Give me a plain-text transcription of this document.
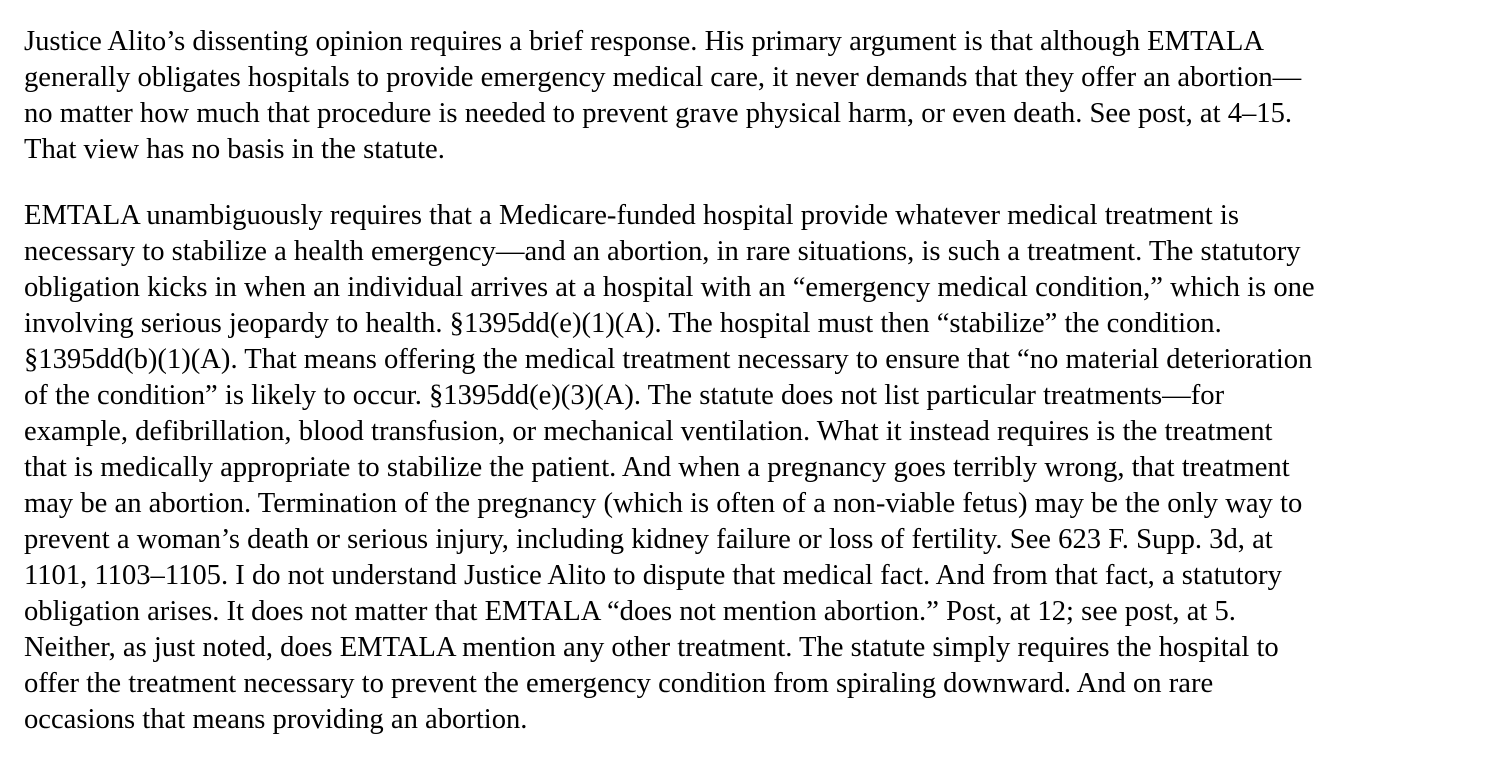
Justice Alito’s dissenting opinion requires a brief response. His primary argument is that although EMTALA
generally obligates hospitals to provide emergency medical care, it never demands that they offer an abortion—
no matter how much that procedure is needed to prevent grave physical harm, or even death. See post, at 4–15.
That view has no basis in the statute.

EMTALA unambiguously requires that a Medicare-funded hospital provide whatever medical treatment is
necessary to stabilize a health emergency—and an abortion, in rare situations, is such a treatment. The statutory
obligation kicks in when an individual arrives at a hospital with an “emergency medical condition,” which is one
involving serious jeopardy to health. §1395dd(e)(1)(A). The hospital must then “stabilize” the condition.
§1395dd(b)(1)(A). That means offering the medical treatment necessary to ensure that “no material deterioration
of the condition” is likely to occur. §1395dd(e)(3)(A). The statute does not list particular treatments—for
example, defibrillation, blood transfusion, or mechanical ventilation. What it instead requires is the treatment
that is medically appropriate to stabilize the patient. And when a pregnancy goes terribly wrong, that treatment
may be an abortion. Termination of the pregnancy (which is often of a non-viable fetus) may be the only way to
prevent a woman’s death or serious injury, including kidney failure or loss of fertility. See 623 F. Supp. 3d, at
1101, 1103–1105. I do not understand Justice Alito to dispute that medical fact. And from that fact, a statutory
obligation arises. It does not matter that EMTALA “does not mention abortion.” Post, at 12; see post, at 5.
Neither, as just noted, does EMTALA mention any other treatment. The statute simply requires the hospital to
offer the treatment necessary to prevent the emergency condition from spiraling downward. And on rare
occasions that means providing an abortion.
